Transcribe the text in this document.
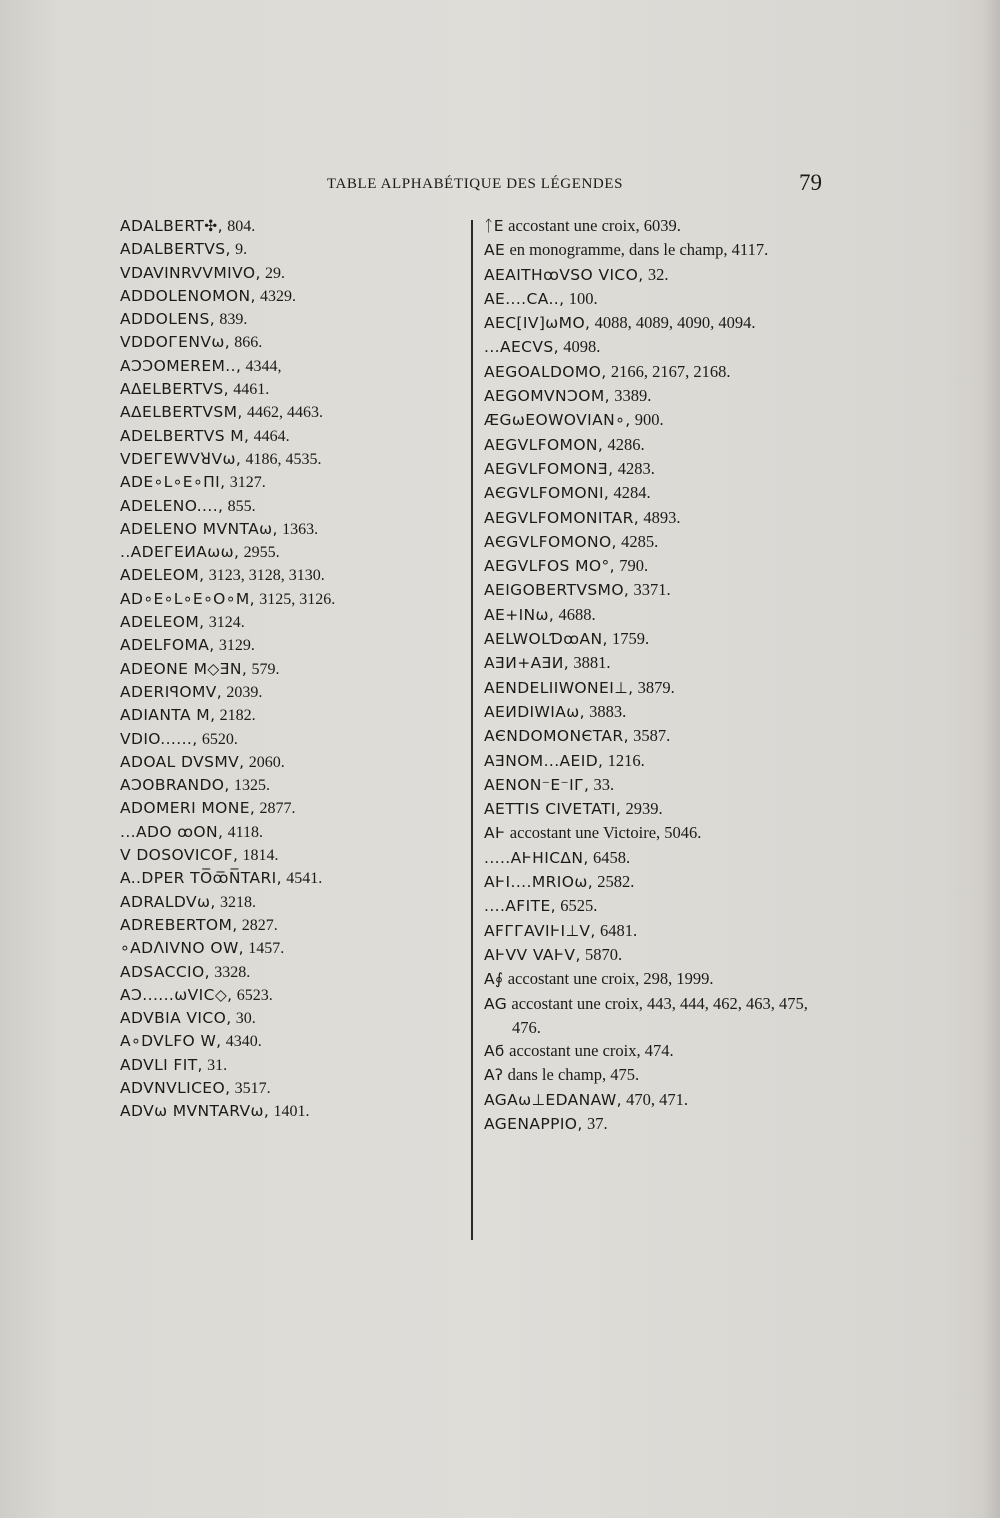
TABLE ALPHABÉTIQUE DES LÉGENDES	79
ADALBERT✣, 804.
ADALBERTVS, 9.
VDAVINRVVMIVO, 29.
ADDOLENOMON, 4329.
ADDOLENS, 839.
VDDOГENVω, 866.
AƆƆOMEREM.., 4344,
AΔELBERTVS, 4461.
AΔELBERTVSM, 4462, 4463.
ADELBERTVS M, 4464.
VDEГEWVꓤVω, 4186, 4535.
ADE∘L∘E∘ΠI, 3127.
ADELENO...., 855.
ADELENO MVNTAω, 1363.
..ADEГEИAωω, 2955.
ADELEOM, 3123, 3128, 3130.
AD∘E∘L∘E∘O∘M, 3125, 3126.
ADELEOM, 3124.
ADELFOMA, 3129.
ADEONE M◇ƎN, 579.
ADERIꟼOMV, 2039.
ADIANTA M, 2182.
VDIO......, 6520.
ADOAL DVSMV, 2060.
AƆOBRANDO, 1325.
ADOMERI MONE, 2877.
...ADO ꝏON, 4118.
V DOSOVICOF, 1814.
A..DPER TO̅ꝏ̅N̅TARI, 4541.
ADRALDVω, 3218.
ADREBERTOM, 2827.
∘ADꓥIVNO OW, 1457.
ADSACCIO, 3328.
AƆ......ωVIC◇, 6523.
ADVBIA VICO, 30.
A∘DVLFO W, 4340.
ADVLI FIT, 31.
ADVNVLICEO, 3517.
ADVω MVNTARVω, 1401.
ᛏE accostant une croix, 6039.
AE en monogramme, dans le champ, 4117.
AEAITHꝏVSO VICO, 32.
AE....CA.., 100.
AEC[IV]ωMO, 4088, 4089, 4090, 4094.
...AECVS, 4098.
AEGOALDOMO, 2166, 2167, 2168.
AEGOMVNƆOM, 3389.
ÆGωEOWOVIAN∘, 900.
AEGVLFOMON, 4286.
AEGVLFOMONƎ, 4283.
AЄGVLFOMONI, 4284.
AEGVLFOMONITAR, 4893.
AЄGVLFOMONO, 4285.
AEGVLFOS MO°, 790.
AEIGOBERTVSMO, 3371.
AE+INω, 4688.
AELWOLƊꝏAN, 1759.
AƎИ+AƎИ, 3881.
AENDELIIWONEI⊥, 3879.
AEИDIWIAω, 3883.
AЄNDOMONЄTAR, 3587.
AƎNOM...AEID, 1216.
AENON⁻E⁻IГ, 33.
AETTIS CIVETATI, 2939.
AⱵ accostant une Victoire, 5046.
.....AⱵHICΔN, 6458.
AⱵI....MRIOω, 2582.
....AFITE, 6525.
AFГГAVIⱵI⊥V, 6481.
AⱵVV VAⱵV, 5870.
A∮ accostant une croix, 298, 1999.
AG accostant une croix, 443, 444, 462, 463, 475, 476.
Aϭ accostant une croix, 474.
Aʔ dans le champ, 475.
AGAω⊥EDANAW, 470, 471.
AGENAPPIO, 37.
